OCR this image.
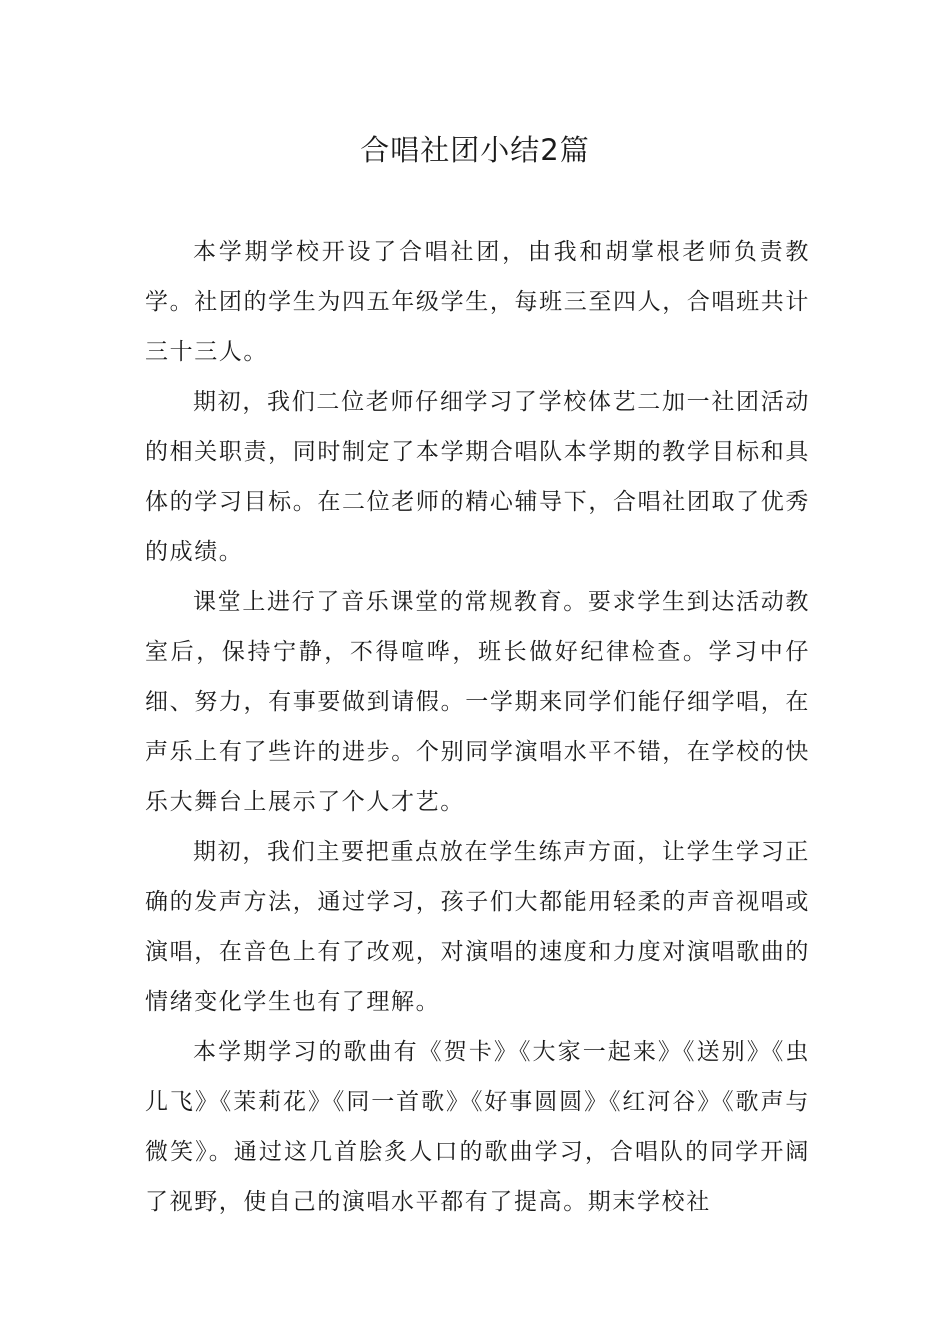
合唱社团小结2篇

本学期学校开设了合唱社团，由我和胡掌根老师负责教学。社团的学生为四五年级学生，每班三至四人，合唱班共计三十三人。

期初，我们二位老师仔细学习了学校体艺二加一社团活动的相关职责，同时制定了本学期合唱队本学期的教学目标和具体的学习目标。在二位老师的精心辅导下，合唱社团取了优秀的成绩。

课堂上进行了音乐课堂的常规教育。要求学生到达活动教室后，保持宁静，不得喧哗，班长做好纪律检查。学习中仔细、努力，有事要做到请假。一学期来同学们能仔细学唱，在声乐上有了些许的进步。个别同学演唱水平不错，在学校的快乐大舞台上展示了个人才艺。

期初，我们主要把重点放在学生练声方面，让学生学习正确的发声方法，通过学习，孩子们大都能用轻柔的声音视唱或演唱，在音色上有了改观，对演唱的速度和力度对演唱歌曲的情绪变化学生也有了理解。

本学期学习的歌曲有《贺卡》《大家一起来》《送别》《虫儿飞》《茉莉花》《同一首歌》《好事圆圆》《红河谷》《歌声与微笑》。通过这几首脍炙人口的歌曲学习，合唱队的同学开阔了视野，使自己的演唱水平都有了提高。期末学校社
